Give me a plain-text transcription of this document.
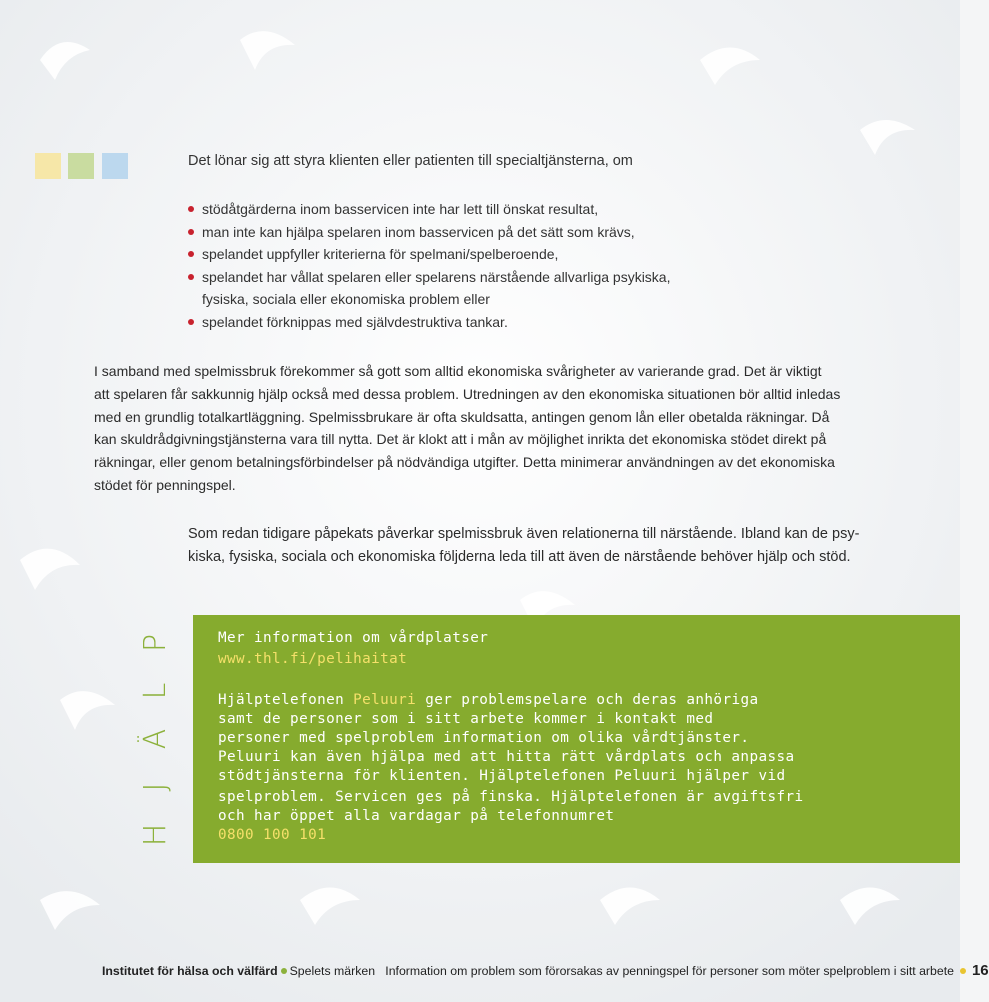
Det lönar sig att styra klienten eller patienten till specialtjänsterna, om
stödåtgärderna inom basservicen inte har lett till önskat resultat,
man inte kan hjälpa spelaren inom basservicen på det sätt som krävs,
spelandet uppfyller kriterierna för spelmani/spelberoende,
spelandet har vållat spelaren eller spelarens närstående allvarliga psykiska,
fysiska, sociala eller ekonomiska problem eller
spelandet förknippas med självdestruktiva tankar.
I samband med spelmissbruk förekommer så gott som alltid ekonomiska svårigheter av varierande grad. Det är viktigt
att spelaren får sakkunnig hjälp också med dessa problem. Utredningen av den ekonomiska situationen bör alltid inledas
med en grundlig totalkartläggning. Spelmissbrukare är ofta skuldsatta, antingen genom lån eller obetalda räkningar. Då
kan skuldrådgivningstjänsterna vara till nytta. Det är klokt att i mån av möjlighet inrikta det ekonomiska stödet direkt på
räkningar, eller genom betalningsförbindelser på nödvändiga utgifter. Detta minimerar användningen av det ekonomiska
stödet för penningspel.
Som redan tidigare påpekats påverkar spelmissbruk även relationerna till närstående. Ibland kan de psy-
kiska, fysiska, sociala och ekonomiska följderna leda till att även de närstående behöver hjälp och stöd.
H
J
Ä
L
P	Mer information om vårdplatser
www.thl.fi/pelihaitat
Hjälptelefonen Peluuri ger problemspelare och deras anhöriga
samt de personer som i sitt arbete kommer i kontakt med
personer med spelproblem information om olika vårdtjänster.
Peluuri kan även hjälpa med att hitta rätt vårdplats och anpassa
stödtjänsterna för klienten. Hjälptelefonen Peluuri hjälper vid
spelproblem. Servicen ges på finska. Hjälptelefonen är avgiftsfri
och har öppet alla vardagar på telefonnumret
0800 100 101
Institutet för hälsa och välfärd Spelets märken Information om problem som förorsakas av penningspel för personer som möter spelproblem i sitt arbete 16
